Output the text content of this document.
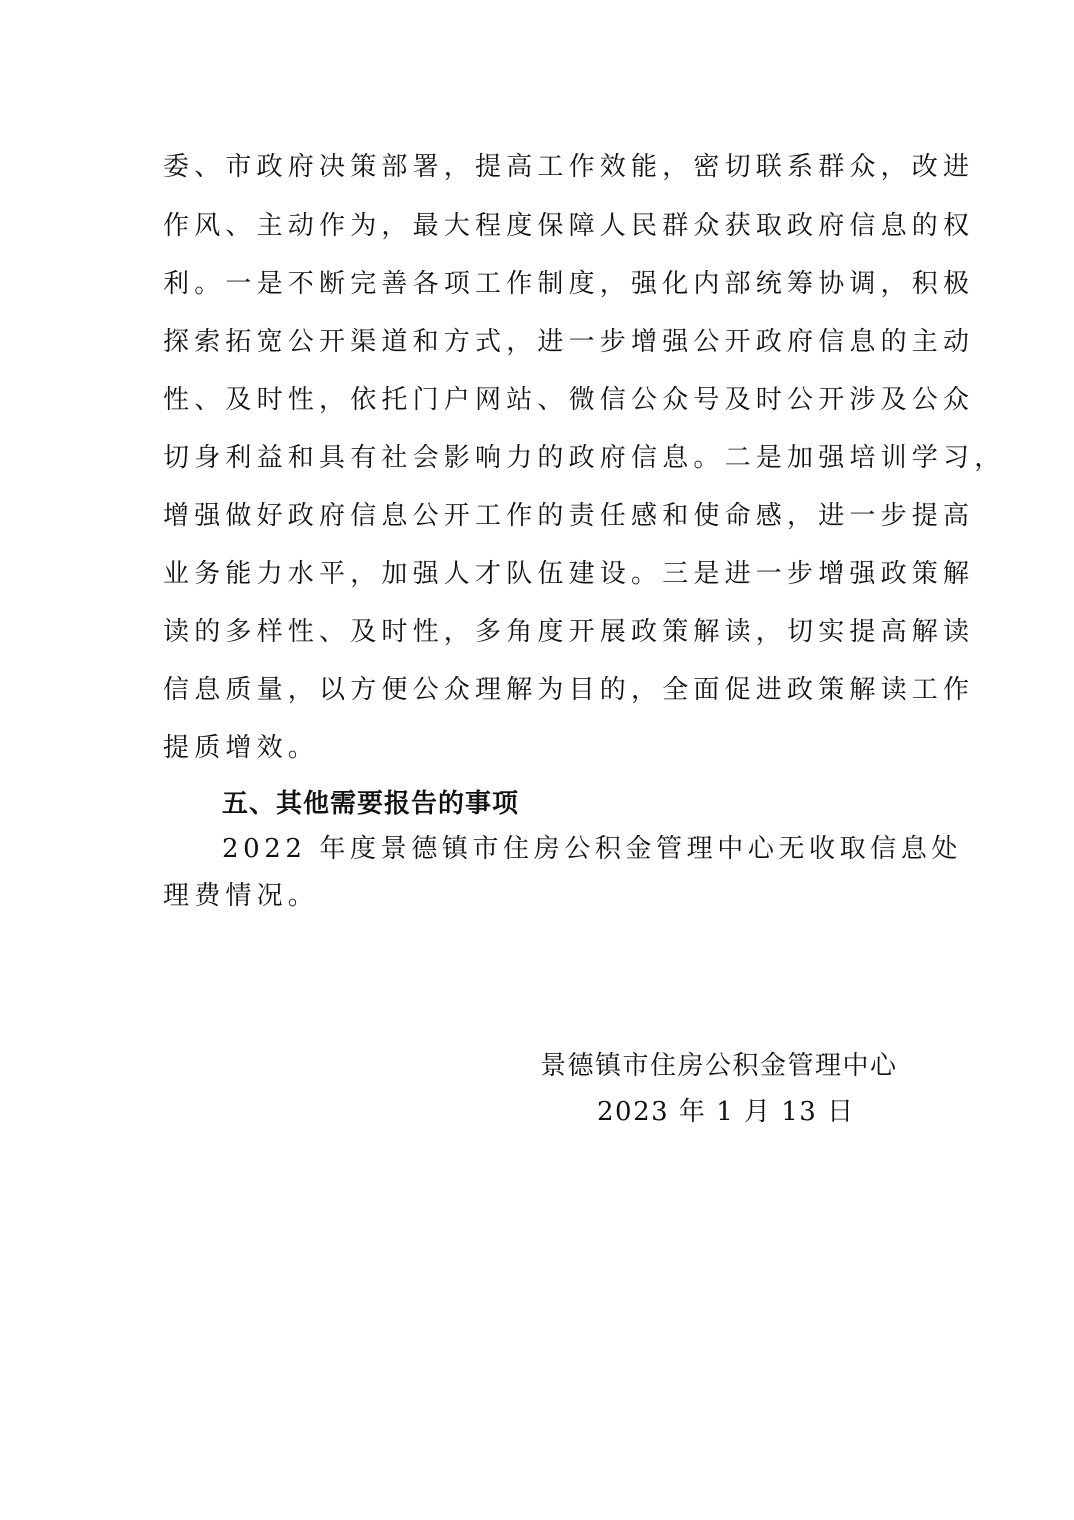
委、市政府决策部署，提高工作效能，密切联系群众，改进
作风、主动作为，最大程度保障人民群众获取政府信息的权
利。一是不断完善各项工作制度，强化内部统筹协调，积极
探索拓宽公开渠道和方式，进一步增强公开政府信息的主动
性、及时性，依托门户网站、微信公众号及时公开涉及公众
切身利益和具有社会影响力的政府信息。二是加强培训学习，
增强做好政府信息公开工作的责任感和使命感，进一步提高
业务能力水平，加强人才队伍建设。三是进一步增强政策解
读的多样性、及时性，多角度开展政策解读，切实提高解读
信息质量，以方便公众理解为目的，全面促进政策解读工作
提质增效。
五、其他需要报告的事项
2022 年度景德镇市住房公积金管理中心无收取信息处
理费情况。
景德镇市住房公积金管理中心
2023 年 1 月 13 日
